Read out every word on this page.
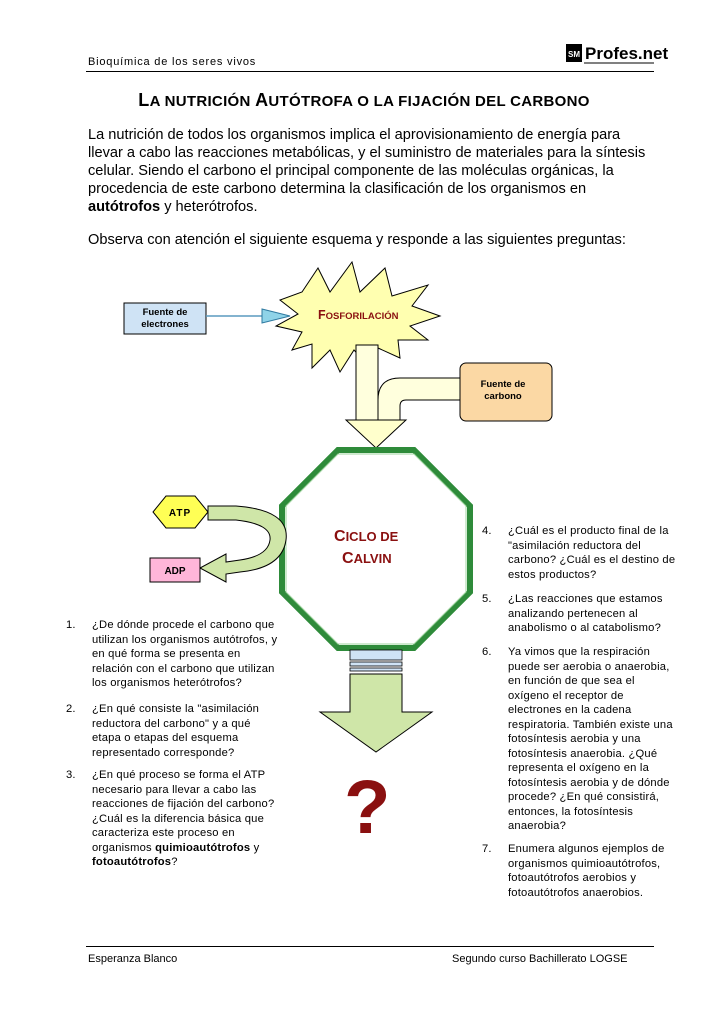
Bioquímica de los seres vivos
SM Profes.net
LA NUTRICIÓN AUTÓTROFA O LA FIJACIÓN DEL CARBONO

La nutrición de todos los organismos implica el aprovisionamiento de energía para

llevar a cabo las reacciones metabólicas, y el suministro de materiales para la síntesis

celular. Siendo el carbono el principal componente de las moléculas orgánicas, la

procedencia de este carbono determina la clasificación de los organismos en

autótrofos y heterótrofos.

Observa con atención el siguiente esquema y responde a las siguientes preguntas:
Fuente de
electrones
FOSFORILACIÓN
Fuente de
carbono
ATP
ADP
CICLO DE
CALVIN
?
1. ¿De dónde procede el carbono que
utilizan los organismos autótrofos, y
en qué forma se presenta en
relación con el carbono que utilizan
los organismos heterótrofos?
2. ¿En qué consiste la "asimilación
reductora del carbono" y a qué
etapa o etapas del esquema
representado corresponde?
3. ¿En qué proceso se forma el ATP
necesario para llevar a cabo las
reacciones de fijación del carbono?
¿Cuál es la diferencia básica que
caracteriza este proceso en
organismos quimioautótrofos y
fotoautótrofos?
4. ¿Cuál es el producto final de la
"asimilación reductora del
carbono? ¿Cuál es el destino de
estos productos?
5. ¿Las reacciones que estamos
analizando pertenecen al
anabolismo o al catabolismo?
6. Ya vimos que la respiración
puede ser aerobia o anaerobia,
en función de que sea el
oxígeno el receptor de
electrones en la cadena
respiratoria. También existe una
fotosíntesis aerobia y una
fotosíntesis anaerobia. ¿Qué
representa el oxígeno en la
fotosíntesis aerobia y de dónde
procede? ¿En qué consistirá,
entonces, la fotosíntesis
anaerobia?
7. Enumera algunos ejemplos de
organismos quimioautótrofos,
fotoautótrofos aerobios y
fotoautótrofos anaerobios.
Esperanza Blanco	Segundo curso Bachillerato LOGSE
